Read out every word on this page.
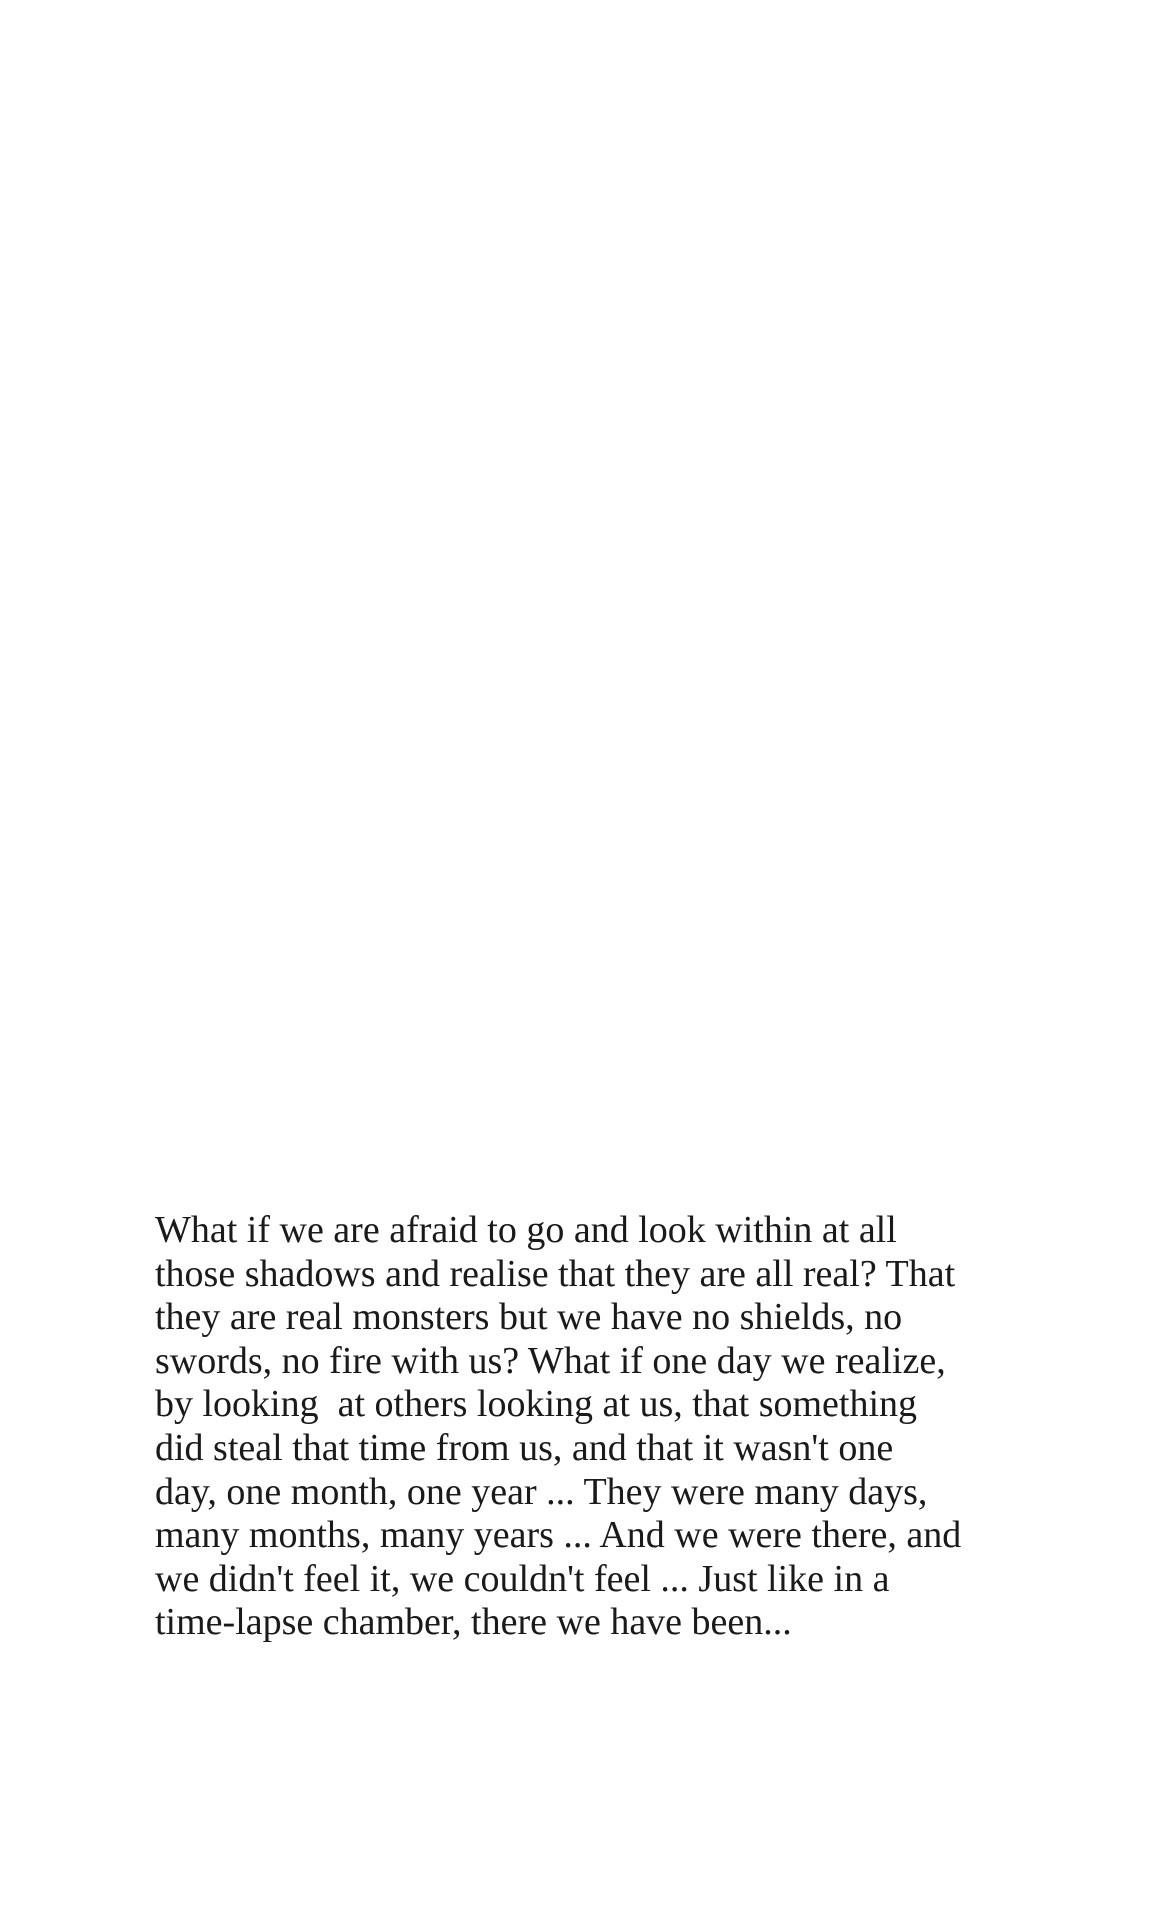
What if we are afraid to go and look within at all
those shadows and realise that they are all real? That
they are real monsters but we have no shields, no
swords, no fire with us? What if one day we realize,
by looking  at others looking at us, that something
did steal that time from us, and that it wasn't one
day, one month, one year ... They were many days,
many months, many years ... And we were there, and
we didn't feel it, we couldn't feel ... Just like in a
time-lapse chamber, there we have been...
